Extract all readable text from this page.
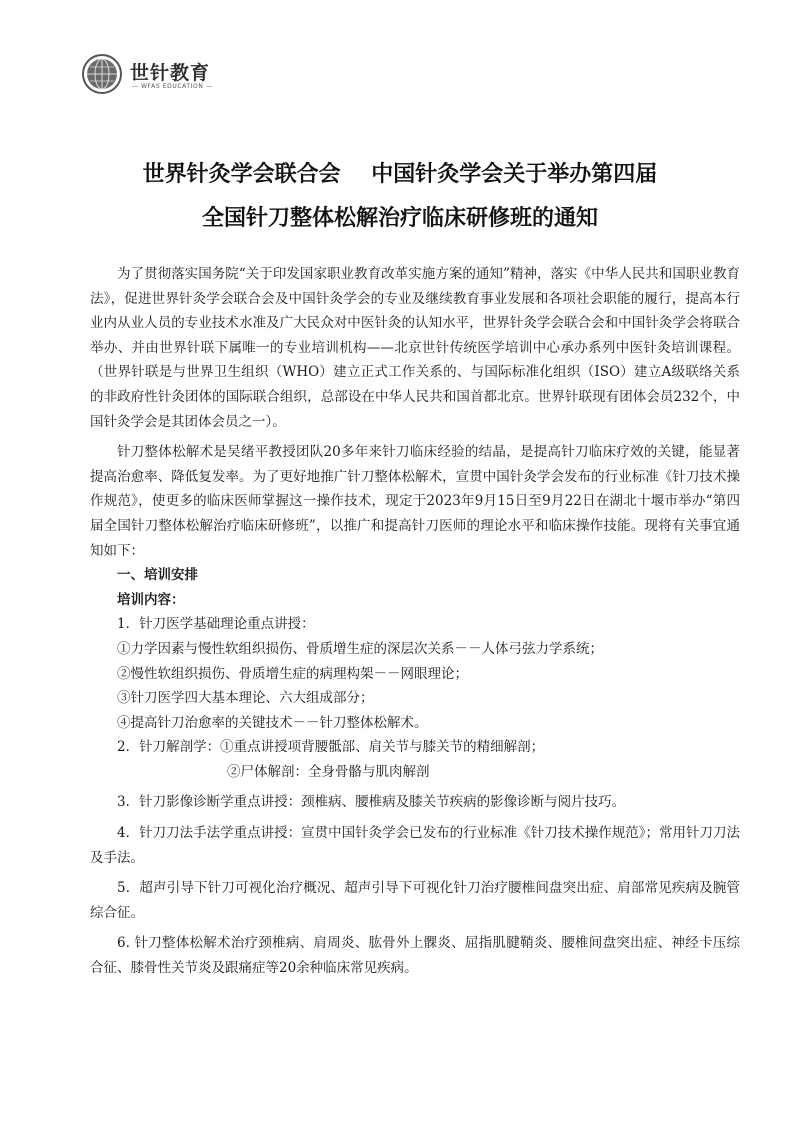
世针教育
— WFAS EDUCATION —
世界针灸学会联合会    中国针灸学会关于举办第四届
全国针刀整体松解治疗临床研修班的通知

为了贯彻落实国务院“关于印发国家职业教育改革实施方案的通知”精神，落实《中华人民共和国职业教育法》，促进世界针灸学会联合会及中国针灸学会的专业及继续教育事业发展和各项社会职能的履行，提高本行业内从业人员的专业技术水准及广大民众对中医针灸的认知水平，世界针灸学会联合会和中国针灸学会将联合举办、并由世界针联下属唯一的专业培训机构——北京世针传统医学培训中心承办系列中医针灸培训课程。（世界针联是与世界卫生组织（WHO）建立正式工作关系的、与国际标准化组织（ISO）建立A级联络关系的非政府性针灸团体的国际联合组织，总部设在中华人民共和国首都北京。世界针联现有团体会员232个，中国针灸学会是其团体会员之一）。

针刀整体松解术是吴绪平教授团队20多年来针刀临床经验的结晶，是提高针刀临床疗效的关键，能显著提高治愈率、降低复发率。为了更好地推广针刀整体松解术，宣贯中国针灸学会发布的行业标准《针刀技术操作规范》，使更多的临床医师掌握这一操作技术，现定于2023年9月15日至9月22日在湖北十堰市举办“第四届全国针刀整体松解治疗临床研修班”，以推广和提高针刀医师的理论水平和临床操作技能。现将有关事宜通知如下：

一、培训安排

培训内容：

1．针刀医学基础理论重点讲授：

①力学因素与慢性软组织损伤、骨质增生症的深层次关系－－人体弓弦力学系统；

②慢性软组织损伤、骨质增生症的病理构架－－网眼理论；

③针刀医学四大基本理论、六大组成部分；

④提高针刀治愈率的关键技术－－针刀整体松解术。

2．针刀解剖学：①重点讲授项背腰骶部、肩关节与膝关节的精细解剖；

②尸体解剖：全身骨骼与肌肉解剖

3．针刀影像诊断学重点讲授：颈椎病、腰椎病及膝关节疾病的影像诊断与阅片技巧。

4．针刀刀法手法学重点讲授：宣贯中国针灸学会已发布的行业标准《针刀技术操作规范》；常用针刀刀法及手法。

5．超声引导下针刀可视化治疗概况、超声引导下可视化针刀治疗腰椎间盘突出症、肩部常见疾病及腕管综合征。

6. 针刀整体松解术治疗颈椎病、肩周炎、肱骨外上髁炎、屈指肌腱鞘炎、腰椎间盘突出症、神经卡压综合征、膝骨性关节炎及跟痛症等20余种临床常见疾病。
